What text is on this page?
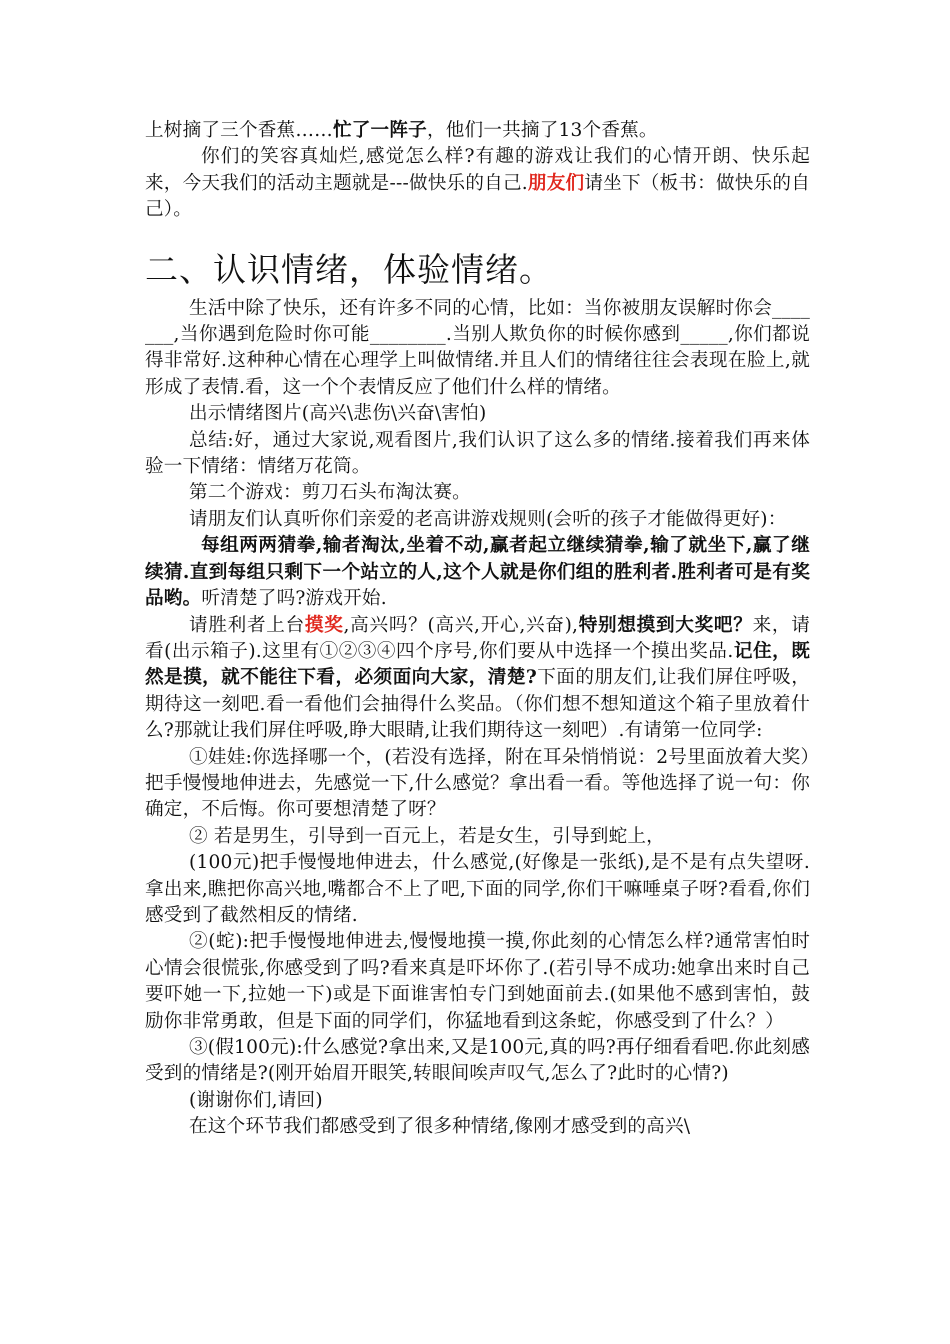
上树摘了三个香蕉……忙了一阵子，他们一共摘了13个香蕉。

你们的笑容真灿烂,感觉怎么样?有趣的游戏让我们的心情开朗、快乐起来，今天我们的活动主题就是---做快乐的自己.朋友们请坐下（板书：做快乐的自己）。

二、认识情绪，体验情绪。

生活中除了快乐，还有许多不同的心情，比如：当你被朋友误解时你会_______,当你遇到危险时你可能________.当别人欺负你的时候你感到_____,你们都说得非常好.这种种心情在心理学上叫做情绪.并且人们的情绪往往会表现在脸上,就形成了表情.看，这一个个表情反应了他们什么样的情绪。

出示情绪图片(高兴\悲伤\兴奋\害怕)

总结:好，通过大家说,观看图片,我们认识了这么多的情绪.接着我们再来体验一下情绪：情绪万花筒。

第二个游戏：剪刀石头布淘汰赛。

请朋友们认真听你们亲爱的老高讲游戏规则(会听的孩子才能做得更好)：

每组两两猜拳,输者淘汰,坐着不动,赢者起立继续猜拳,输了就坐下,赢了继续猜.直到每组只剩下一个站立的人,这个人就是你们组的胜利者.胜利者可是有奖品哟。听清楚了吗?游戏开始.

请胜利者上台摸奖,高兴吗？(高兴,开心,兴奋),特别想摸到大奖吧？来，请看(出示箱子).这里有①②③④四个序号,你们要从中选择一个摸出奖品.记住，既然是摸，就不能往下看，必须面向大家，清楚?下面的朋友们,让我们屏住呼吸，期待这一刻吧.看一看他们会抽得什么奖品。（你们想不想知道这个箱子里放着什么?那就让我们屏住呼吸,睁大眼睛,让我们期待这一刻吧）.有请第一位同学:

①娃娃:你选择哪一个，(若没有选择，附在耳朵悄悄说：2号里面放着大奖）把手慢慢地伸进去，先感觉一下,什么感觉？拿出看一看。等他选择了说一句：你确定，不后悔。你可要想清楚了呀？

② 若是男生，引导到一百元上，若是女生，引导到蛇上，

(100元)把手慢慢地伸进去，什么感觉,(好像是一张纸),是不是有点失望呀.拿出来,瞧把你高兴地,嘴都合不上了吧,下面的同学,你们干嘛唾桌子呀?看看,你们感受到了截然相反的情绪.

②(蛇):把手慢慢地伸进去,慢慢地摸一摸,你此刻的心情怎么样?通常害怕时心情会很慌张,你感受到了吗?看来真是吓坏你了.(若引导不成功:她拿出来时自己要吓她一下,拉她一下)或是下面谁害怕专门到她面前去.(如果他不感到害怕，鼓励你非常勇敢，但是下面的同学们，你猛地看到这条蛇，你感受到了什么？）

③(假100元):什么感觉?拿出来,又是100元,真的吗?再仔细看看吧.你此刻感受到的情绪是?(刚开始眉开眼笑,转眼间唉声叹气,怎么了?此时的心情?)

(谢谢你们,请回)

在这个环节我们都感受到了很多种情绪,像刚才感受到的高兴\
